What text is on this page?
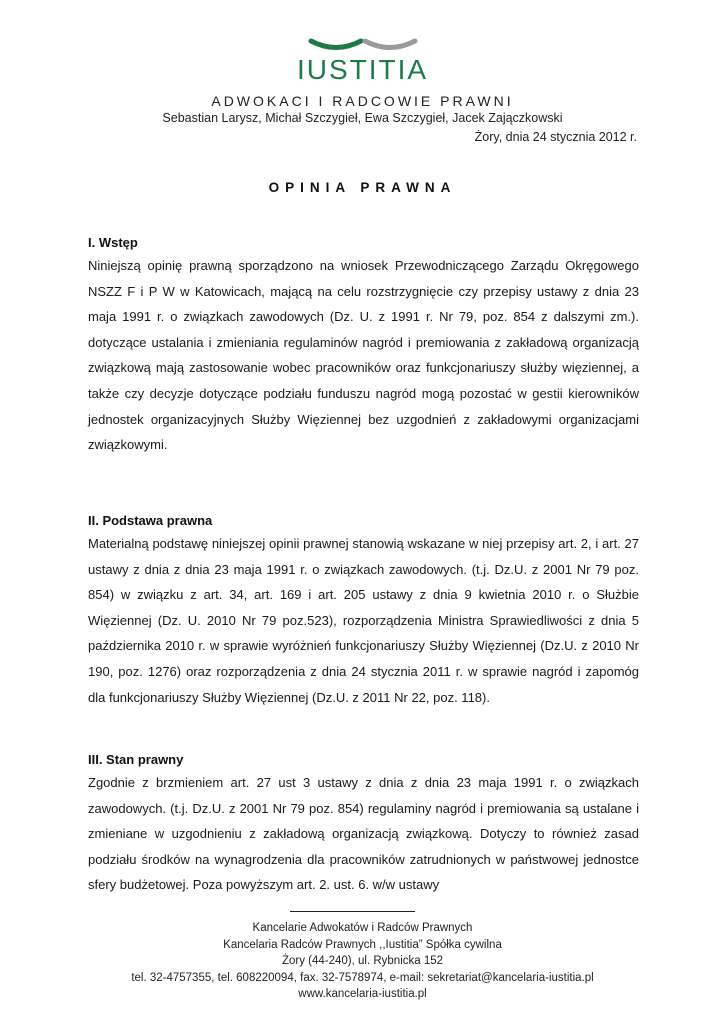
IUSTITIA
ADWOKACI I RADCOWIE PRAWNI
Sebastian Larysz, Michał Szczygieł, Ewa Szczygieł, Jacek Zajączkowski
Żory, dnia 24 stycznia 2012 r.
OPINIA PRAWNA
I. Wstęp
Niniejszą opinię prawną sporządzono na wniosek Przewodniczącego Zarządu Okręgowego NSZZ F i P W w Katowicach, mającą na celu rozstrzygnięcie czy przepisy ustawy z dnia 23 maja 1991 r. o związkach zawodowych (Dz. U. z 1991 r. Nr 79, poz. 854 z dalszymi zm.). dotyczące ustalania i zmieniania regulaminów nagród i premiowania z zakładową organizacją związkową mają zastosowanie wobec pracowników oraz funkcjonariuszy służby więziennej, a także czy decyzje dotyczące podziału funduszu nagród mogą pozostać w gestii kierowników jednostek organizacyjnych Służby Więziennej bez uzgodnień z zakładowymi organizacjami związkowymi.
II. Podstawa prawna
Materialną podstawę niniejszej opinii prawnej stanowią wskazane w niej przepisy art. 2, i art. 27 ustawy z dnia z dnia 23 maja 1991 r. o związkach zawodowych. (t.j. Dz.U. z 2001 Nr 79 poz. 854) w związku z art. 34, art. 169 i art. 205 ustawy z dnia 9 kwietnia 2010 r. o Służbie Więziennej (Dz. U. 2010 Nr 79 poz.523), rozporządzenia Ministra Sprawiedliwości z dnia 5 października 2010 r. w sprawie wyróżnień funkcjonariuszy Służby Więziennej (Dz.U. z 2010 Nr 190, poz. 1276) oraz rozporządzenia z dnia 24 stycznia 2011 r. w sprawie nagród i zapomóg dla funkcjonariuszy Służby Więziennej (Dz.U. z 2011 Nr 22, poz. 118).
III. Stan prawny
Zgodnie z brzmieniem art. 27 ust 3 ustawy z dnia z dnia 23 maja 1991 r. o związkach zawodowych. (t.j. Dz.U. z 2001 Nr 79 poz. 854) regulaminy nagród i premiowania są ustalane i zmieniane w uzgodnieniu z zakładową organizacją związkową. Dotyczy to również zasad podziału środków na wynagrodzenia dla pracowników zatrudnionych w państwowej jednostce sfery budżetowej. Poza powyższym art. 2. ust. 6. w/w ustawy
Kancelarie Adwokatów i Radców Prawnych
Kancelaria Radców Prawnych ,,Iustitia” Spółka cywilna
Żory (44-240), ul. Rybnicka 152
tel. 32-4757355, tel. 608220094, fax. 32-7578974, e-mail: sekretariat@kancelaria-iustitia.pl
www.kancelaria-iustitia.pl
